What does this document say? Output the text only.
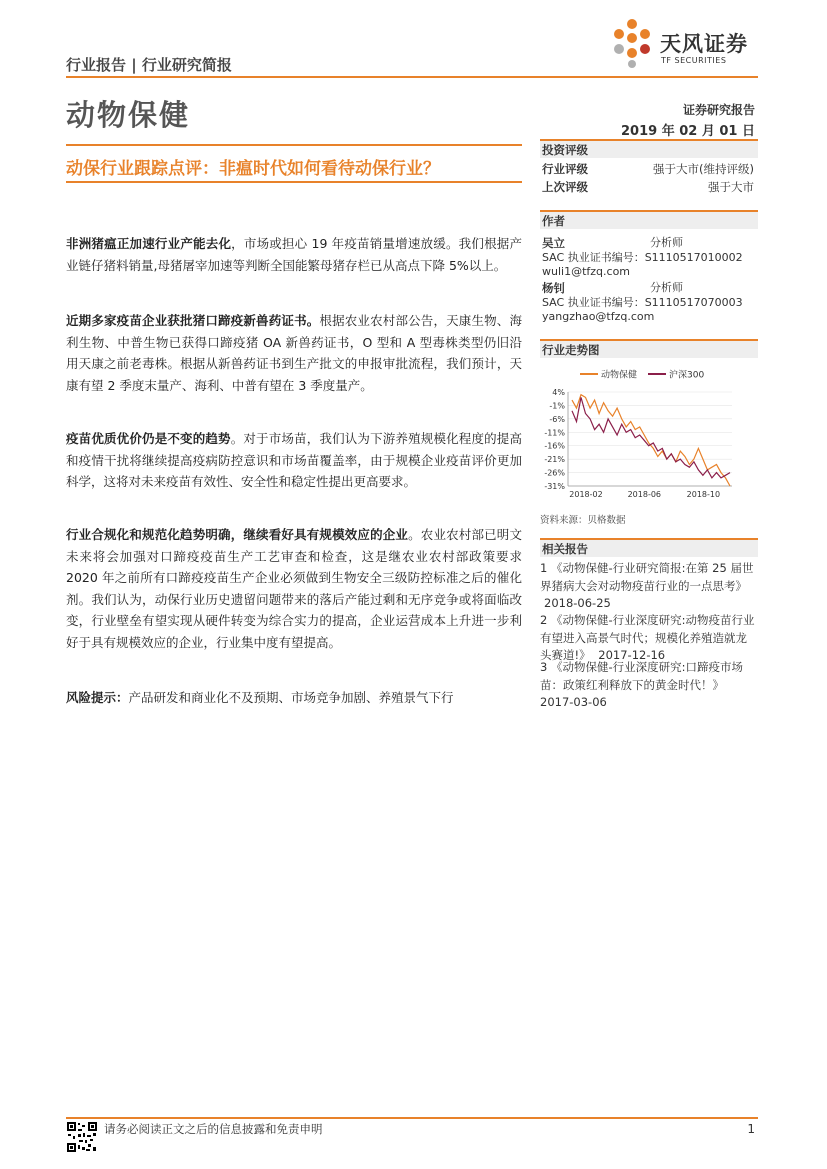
行业报告 | 行业研究简报
天风证券
TF SECURITIES
动物保健	证券研究报告
2019 年 02 月 01 日
动保行业跟踪点评：非瘟时代如何看待动保行业？
非洲猪瘟正加速行业产能去化，市场或担心 19 年疫苗销量增速放缓。我们根据产业链仔猪料销量,母猪屠宰加速等判断全国能繁母猪存栏已从高点下降 5%以上。
近期多家疫苗企业获批猪口蹄疫新兽药证书。根据农业农村部公告，天康生物、海利生物、中普生物已获得口蹄疫猪 OA 新兽药证书，O 型和 A 型毒株类型仍旧沿用天康之前老毒株。根据从新兽药证书到生产批文的申报审批流程，我们预计，天康有望 2 季度末量产、海利、中普有望在 3 季度量产。
疫苗优质优价仍是不变的趋势。对于市场苗，我们认为下游养殖规模化程度的提高和疫情干扰将继续提高疫病防控意识和市场苗覆盖率，由于规模企业疫苗评价更加科学，这将对未来疫苗有效性、安全性和稳定性提出更高要求。
行业合规化和规范化趋势明确，继续看好具有规模效应的企业。农业农村部已明文未来将会加强对口蹄疫疫苗生产工艺审查和检查，这是继农业农村部政策要求 2020 年之前所有口蹄疫疫苗生产企业必须做到生物安全三级防控标准之后的催化剂。我们认为，动保行业历史遗留问题带来的落后产能过剩和无序竞争或将面临改变，行业壁垒有望实现从硬件转变为综合实力的提高，企业运营成本上升进一步利好于具有规模效应的企业，行业集中度有望提高。
风险提示：产品研发和商业化不及预期、市场竞争加剧、养殖景气下行
投资评级
行业评级	强于大市(维持评级)
上次评级	强于大市
作者
吴立	分析师
SAC 执业证书编号：S1110517010002
wuli1@tfzq.com
杨钊	分析师
SAC 执业证书编号：S1110517070003
yangzhao@tfzq.com
行业走势图
动物保健	沪深300
4%
-1%
-6%
-11%
-16%
-21%
-26%
-31%
2018-02	2018-06	2018-10
资料来源：贝格数据
相关报告
1 《动物保健-行业研究简报:在第 25 届世界猪病大会对动物疫苗行业的一点思考》 2018-06-25
2 《动物保健-行业深度研究:动物疫苗行业有望进入高景气时代；规模化养殖造就龙头赛道!》 2017-12-16
3 《动物保健-行业深度研究:口蹄疫市场苗：政策红利释放下的黄金时代！》
2017-03-06
请务必阅读正文之后的信息披露和免责申明	1
